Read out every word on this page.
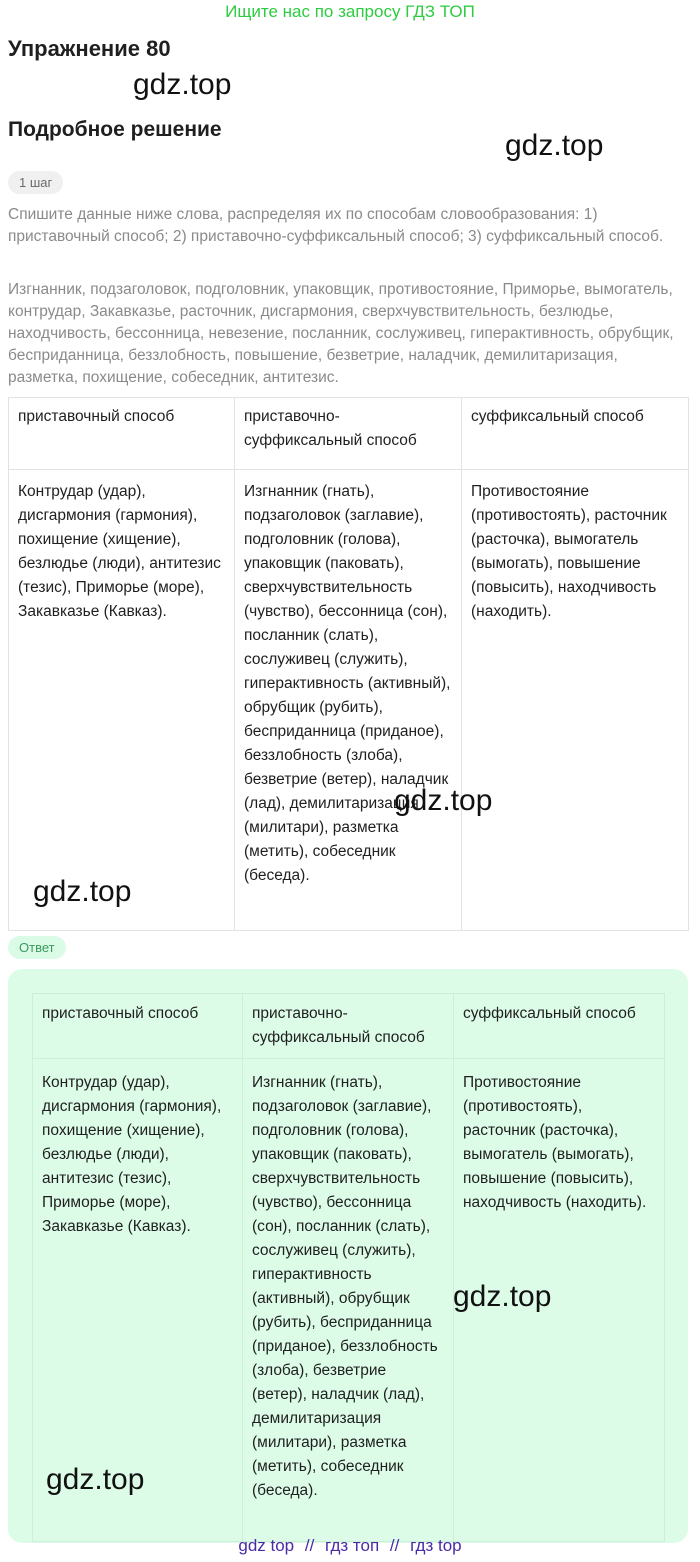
Ищите нас по запросу ГДЗ ТОП
Упражнение 80
gdz.top
gdz.top
Подробное решение
1 шаг

Спишите данные ниже слова, распределяя их по способам словообразования: 1) приставочный способ; 2) приставочно-суффиксальный способ; 3) суффиксальный способ.

Изгнанник, подзаголовок, подголовник, упаковщик, противостояние, Приморье, вымогатель, контрудар, Закавказье, расточник, дисгармония, сверхчувствительность, безлюдье, находчивость, бессонница, невезение, посланник, сослуживец, гиперактивность, обрубщик, бесприданница, беззлобность, повышение, безветрие, наладчик, демилитаризация, разметка, похищение, собеседник, антитезис.

приставочный способ	приставочно-суффиксальный способ	суффиксальный способ
Контрудар (удар), дисгармония (гармония), похищение (хищение), безлюдье (люди), антитезис (тезис), Приморье (море), Закавказье (Кавказ).	Изгнанник (гнать), подзаголовок (заглавие), подголовник (голова), упаковщик (паковать), сверхчувствительность (чувство), бессонница (сон), посланник (слать), сослуживец (служить), гиперактивность (активный), обрубщик (рубить), бесприданница (приданое), беззлобность (злоба), безветрие (ветер), наладчик (лад), демилитаризация (милитари), разметка (метить), собеседник (беседа).	Противостояние (противостоять), расточник (расточка), вымогатель (вымогать), повышение (повысить), находчивость (находить).
gdz.top
gdz.top
Ответ
приставочный способ	приставочно-суффиксальный способ	суффиксальный способ
Контрудар (удар), дисгармония (гармония), похищение (хищение), безлюдье (люди), антитезис (тезис), Приморье (море), Закавказье (Кавказ).	Изгнанник (гнать), подзаголовок (заглавие), подголовник (голова), упаковщик (паковать), сверхчувствительность (чувство), бессонница (сон), посланник (слать), сослуживец (служить), гиперактивность (активный), обрубщик (рубить), бесприданница (приданое), беззлобность (злоба), безветрие (ветер), наладчик (лад), демилитаризация (милитари), разметка (метить), собеседник (беседа).	Противостояние (противостоять), расточник (расточка), вымогатель (вымогать), повышение (повысить), находчивость (находить).
gdz.top
gdz.top
gdz top // гдз топ // гдз top
